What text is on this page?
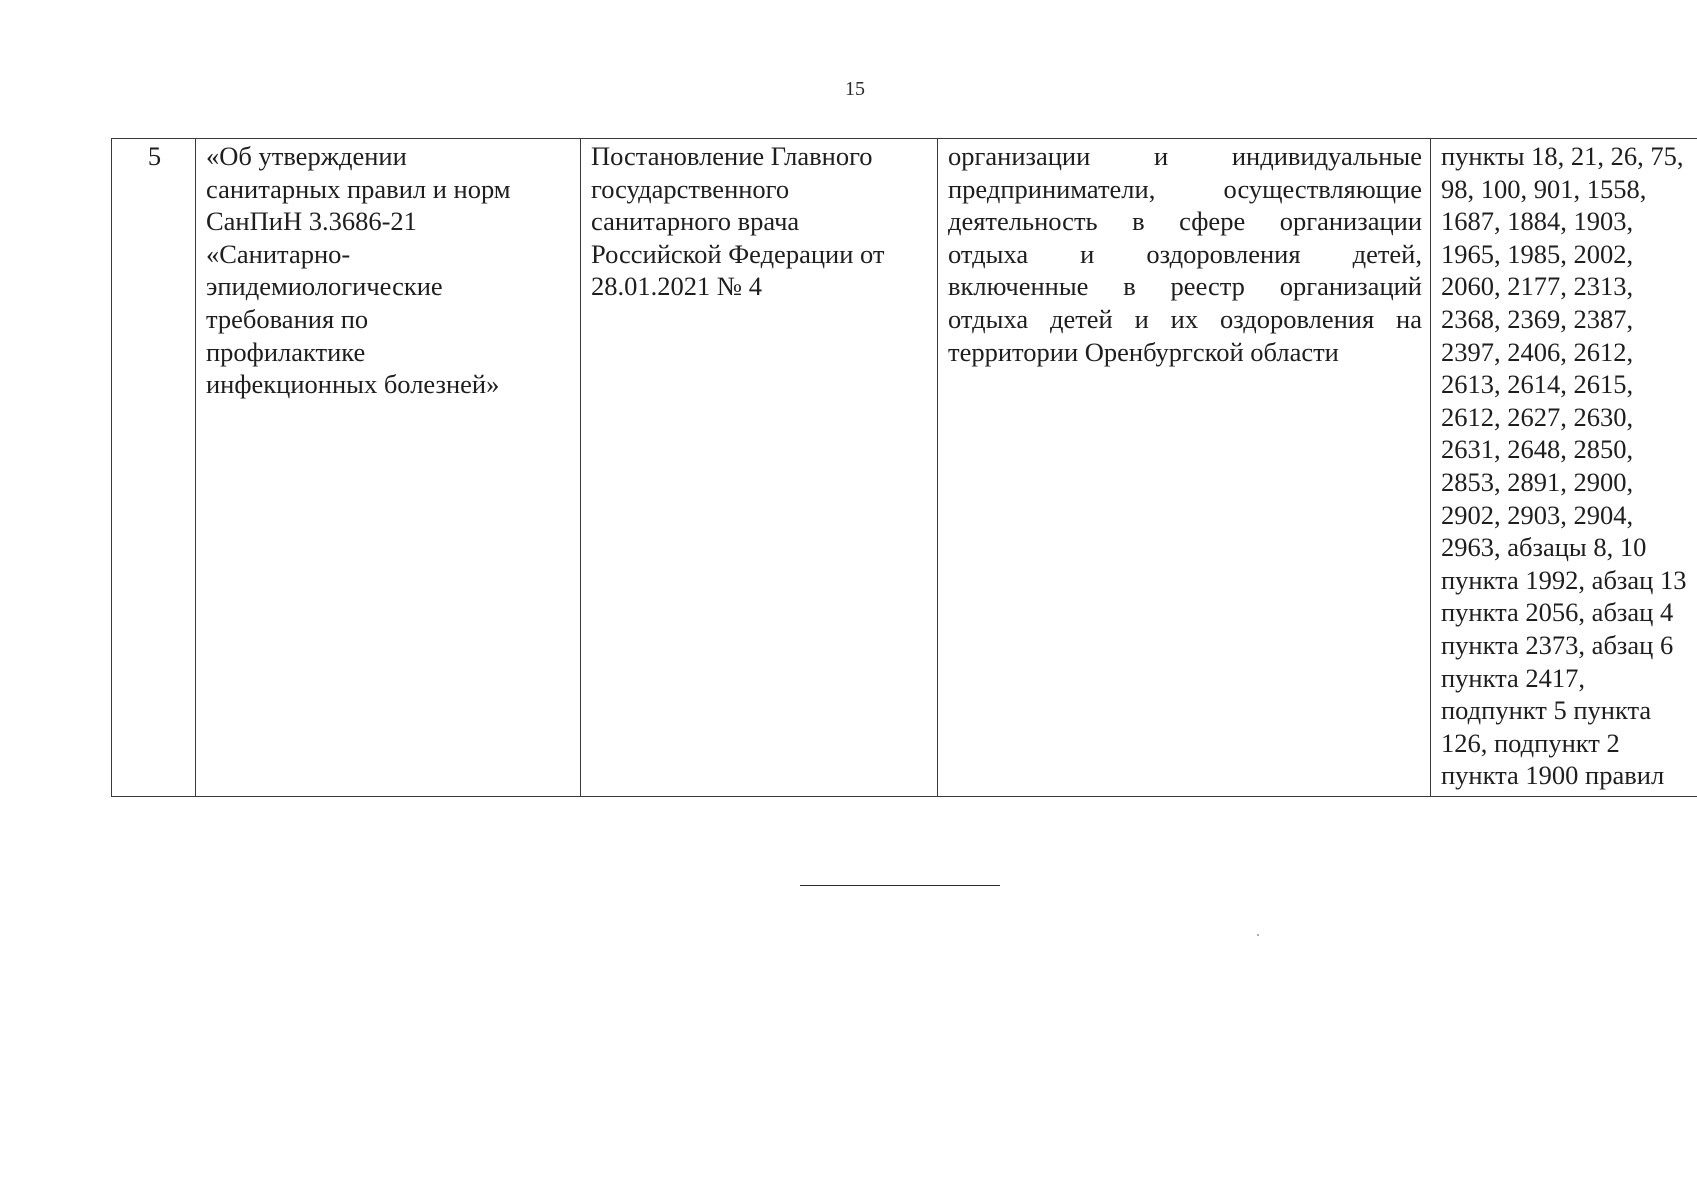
15
5	«Об утверждении
санитарных правил и норм
СанПиН 3.3686-21
«Санитарно-
эпидемиологические
требования по
профилактике
инфекционных болезней»	Постановление Главного
государственного
санитарного врача
Российской Федерации от
28.01.2021 № 4	организации и индивидуальные предприниматели, осуществляющие деятельность в сфере организации отдыха и оздоровления детей, включенные в реестр организаций отдыха детей и их оздоровления на территории Оренбургской области	пункты 18, 21, 26, 75,
98, 100, 901, 1558,
1687, 1884, 1903,
1965, 1985, 2002,
2060, 2177, 2313,
2368, 2369, 2387,
2397, 2406, 2612,
2613, 2614, 2615,
2612, 2627, 2630,
2631, 2648, 2850,
2853, 2891, 2900,
2902, 2903, 2904,
2963, абзацы 8, 10
пункта 1992, абзац 13
пункта 2056, абзац 4
пункта 2373, абзац 6
пункта 2417,
подпункт 5 пункта
126, подпункт 2
пункта 1900 правил
